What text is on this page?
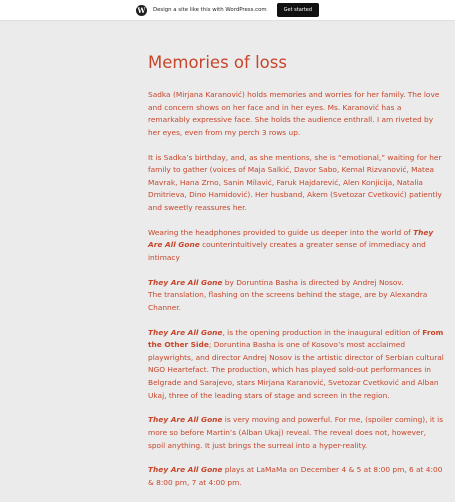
W Design a site like this with WordPress.com	Get started
Memories of loss

Sadka (Mirjana Karanović) holds memories and worries for her family. The love and concern shows on her face and in her eyes. Ms. Karanović has a remarkably expressive face. She holds the audience enthrall. I am riveted by her eyes, even from my perch 3 rows up.

It is Sadka’s birthday, and, as she mentions, she is “emotional,” waiting for her family to gather (voices of Maja Salkić, Davor Sabo, Kemal Rizvanović, Matea Mavrak, Hana Zrno, Sanin Milavić, Faruk Hajdarević, Alen Konjicija, Natalia Dmitrieva, Dino Hamidović). Her husband, Akem (Svetozar Cvetković) patiently and sweetly reassures her.

Wearing the headphones provided to guide us deeper into the world of They Are All Gone counterintuitively creates a greater sense of immediacy and intimacy

They Are All Gone by Doruntina Basha is directed by Andrej Nosov.
The translation, flashing on the screens behind the stage, are by Alexandra Channer.

They Are All Gone, is the opening production in the inaugural edition of From the Other Side; Doruntina Basha is one of Kosovo’s most acclaimed playwrights, and director Andrej Nosov is the artistic director of Serbian cultural NGO Heartefact. The production, which has played sold-out performances in Belgrade and Sarajevo, stars Mirjana Karanović, Svetozar Cvetković and Alban Ukaj, three of the leading stars of stage and screen in the region.

They Are All Gone is very moving and powerful. For me, (spoiler coming), it is more so before Martin’s (Alban Ukaj) reveal. The reveal does not, however, spoil anything. It just brings the surreal into a hyper-reality.

They Are All Gone plays at LaMaMa on December 4 & 5 at 8:00 pm, 6 at 4:00 & 8:00 pm, 7 at 4:00 pm.
